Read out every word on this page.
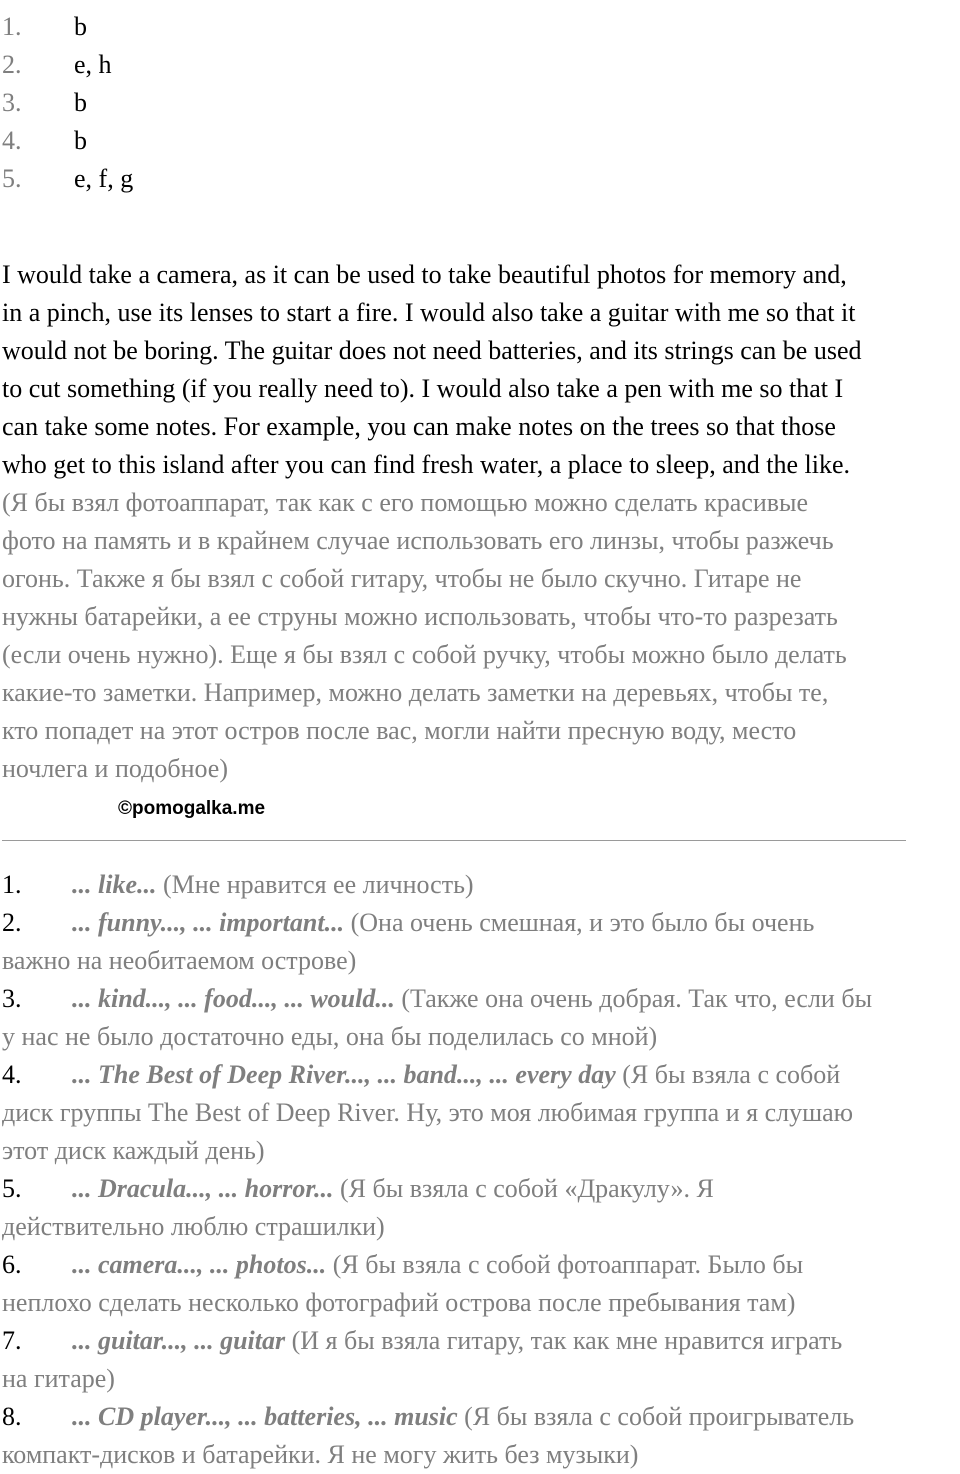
1. b
2. e, h
3. b
4. b
5. e, f, g
I would take a camera, as it can be used to take beautiful photos for memory and,
in a pinch, use its lenses to start a fire. I would also take a guitar with me so that it
would not be boring. The guitar does not need batteries, and its strings can be used
to cut something (if you really need to). I would also take a pen with me so that I
can take some notes. For example, you can make notes on the trees so that those
who get to this island after you can find fresh water, a place to sleep, and the like.
(Я бы взял фотоаппарат, так как с его помощью можно сделать красивые
фото на память и в крайнем случае использовать его линзы, чтобы разжечь
огонь. Также я бы взял с собой гитару, чтобы не было скучно. Гитаре не
нужны батарейки, а ее струны можно использовать, чтобы что-то разрезать
(если очень нужно). Еще я бы взял с собой ручку, чтобы можно было делать
какие-то заметки. Например, можно делать заметки на деревьях, чтобы те,
кто попадет на этот остров после вас, могли найти пресную воду, место
ночлега и подобное)
©pomogalka.me
1. ... like... (Мне нравится ее личность)
2. ... funny..., ... important... (Она очень смешная, и это было бы очень
важно на необитаемом острове)
3. ... kind..., ... food..., ... would... (Также она очень добрая. Так что, если бы
у нас не было достаточно еды, она бы поделилась со мной)
4. ... The Best of Deep River..., ... band..., ... every day (Я бы взяла с собой
диск группы The Best of Deep River. Ну, это моя любимая группа и я слушаю
этот диск каждый день)
5. ... Dracula..., ... horror... (Я бы взяла с собой «Дракулу». Я
действительно люблю страшилки)
6. ... camera..., ... photos... (Я бы взяла с собой фотоаппарат. Было бы
неплохо сделать несколько фотографий острова после пребывания там)
7. ... guitar..., ... guitar (И я бы взяла гитару, так как мне нравится играть
на гитаре)
8. ... CD player..., ... batteries, ... music (Я бы взяла с собой проигрыватель
компакт-дисков и батарейки. Я не могу жить без музыки)
